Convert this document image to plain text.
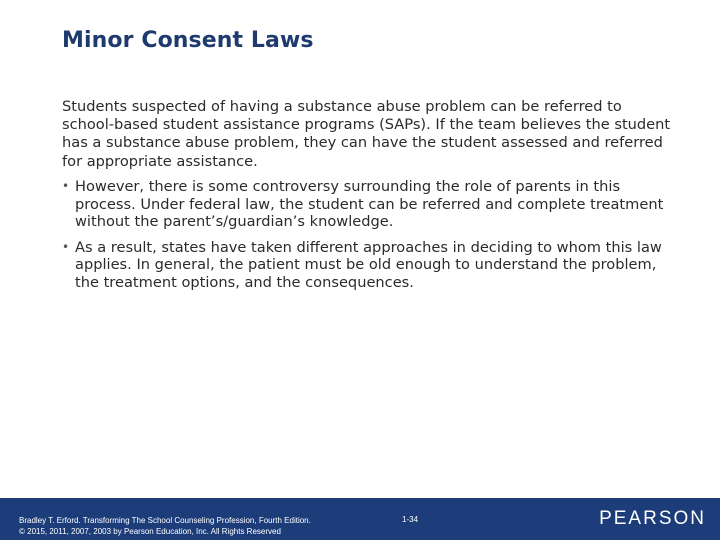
Minor Consent Laws

Students suspected of having a substance abuse problem can be referred to school-based student assistance programs (SAPs). If the team believes the student has a substance abuse problem, they can have the student assessed and referred for appropriate assistance.

• However, there is some controversy surrounding the role of parents in this process. Under federal law, the student can be referred and complete treatment without the parent’s/guardian’s knowledge.
• As a result, states have taken different approaches in deciding to whom this law applies. In general, the patient must be old enough to understand the problem, the treatment options, and the consequences.
Bradley T. Erford. Transforming The School Counseling Profession, Fourth Edition.
© 2015, 2011, 2007, 2003 by Pearson Education, Inc. All Rights Reserved
1-34	PEARSON
